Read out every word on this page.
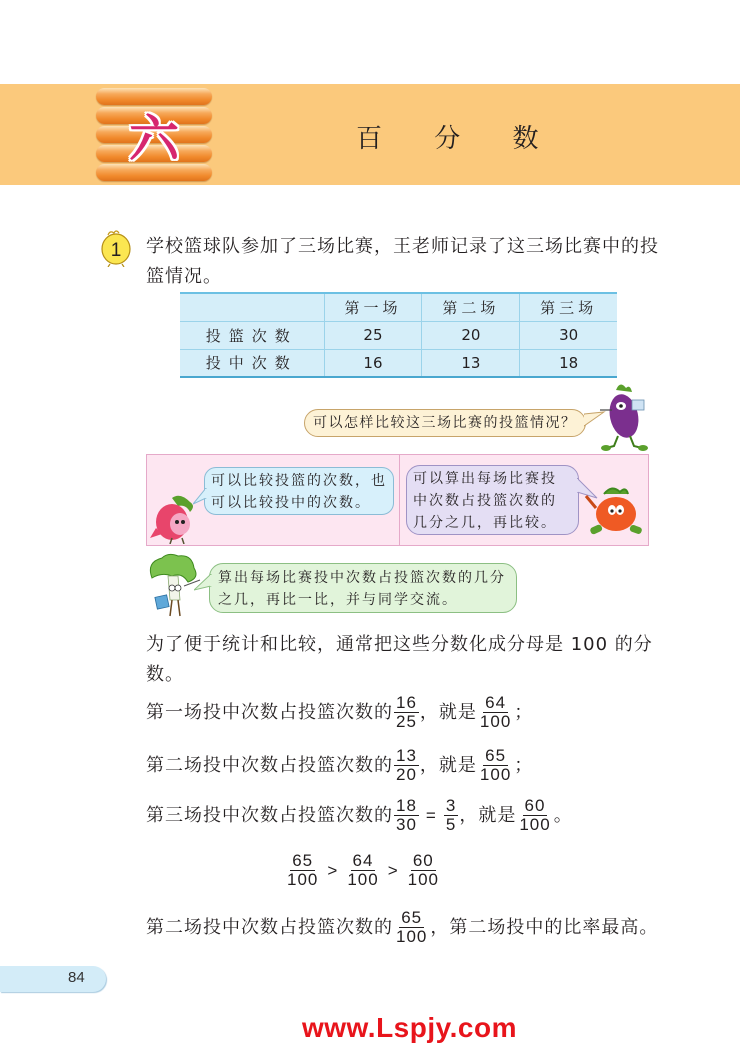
六	百 分 数
1 学校篮球队参加了三场比赛，王老师记录了这三场比赛中的投篮情况。
	第一场	第二场	第三场
投篮次数	25	20	30
投中次数	16	13	18
可以怎样比较这三场比赛的投篮情况？
可以比较投篮的次数，也可以比较投中的次数。
可以算出每场比赛投中次数占投篮次数的几分之几，再比较。
算出每场比赛投中次数占投篮次数的几分之几，再比一比，并与同学交流。
为了便于统计和比较，通常把这些分数化成分母是 100 的分数。
第一场投中次数占投篮次数的 $\frac{16}{25}$ ，就是 $\frac{64}{100}$ ；
第二场投中次数占投篮次数的 $\frac{13}{20}$ ，就是 $\frac{65}{100}$ ；
第三场投中次数占投篮次数的 $\frac{18}{30} = \frac{3}{5}$ ，就是 $\frac{60}{100}$ 。
$\frac{65}{100} > \frac{64}{100} > \frac{60}{100}$
第二场投中次数占投篮次数的 $\frac{65}{100}$ ，第二场投中的比率最高。
84
www.Lspjy.com
